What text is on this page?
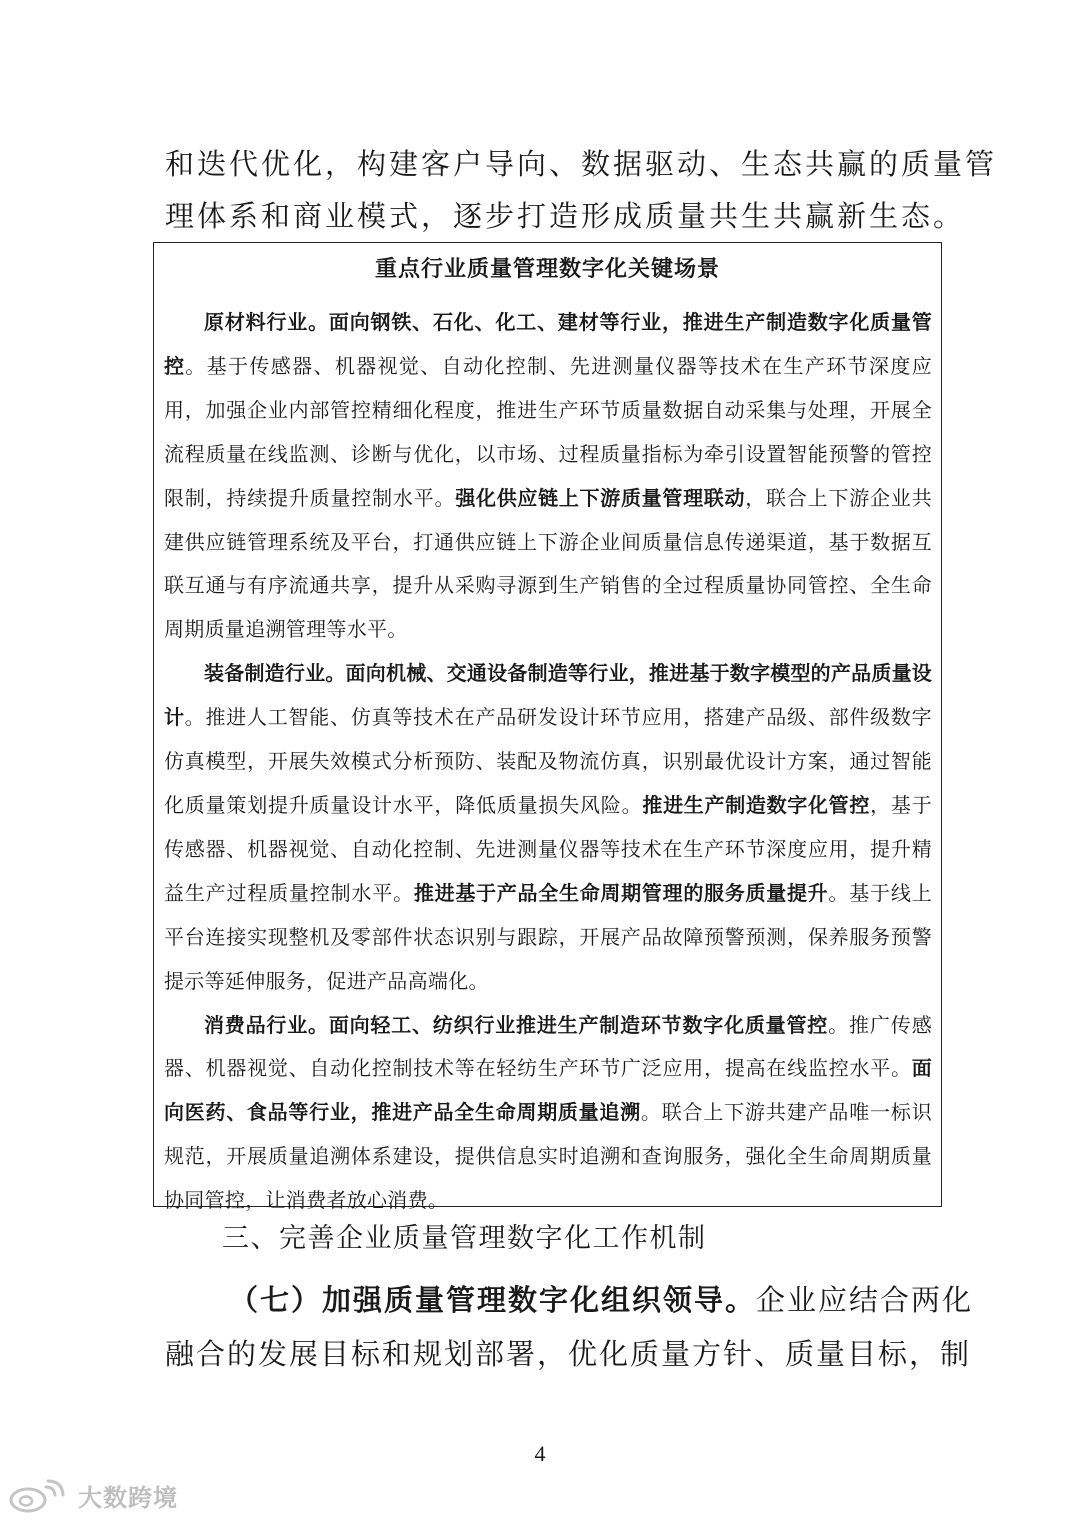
和迭代优化，构建客户导向、数据驱动、生态共赢的质量管

理体系和商业模式，逐步打造形成质量共生共赢新生态。

重点行业质量管理数字化关键场景

原材料行业。面向钢铁、石化、化工、建材等行业，推进生产制造数字化质量管控。基于传感器、机器视觉、自动化控制、先进测量仪器等技术在生产环节深度应用，加强企业内部管控精细化程度，推进生产环节质量数据自动采集与处理，开展全流程质量在线监测、诊断与优化，以市场、过程质量指标为牵引设置智能预警的管控限制，持续提升质量控制水平。强化供应链上下游质量管理联动，联合上下游企业共建供应链管理系统及平台，打通供应链上下游企业间质量信息传递渠道，基于数据互联互通与有序流通共享，提升从采购寻源到生产销售的全过程质量协同管控、全生命周期质量追溯管理等水平。

装备制造行业。面向机械、交通设备制造等行业，推进基于数字模型的产品质量设计。推进人工智能、仿真等技术在产品研发设计环节应用，搭建产品级、部件级数字仿真模型，开展失效模式分析预防、装配及物流仿真，识别最优设计方案，通过智能化质量策划提升质量设计水平，降低质量损失风险。推进生产制造数字化管控，基于传感器、机器视觉、自动化控制、先进测量仪器等技术在生产环节深度应用，提升精益生产过程质量控制水平。推进基于产品全生命周期管理的服务质量提升。基于线上平台连接实现整机及零部件状态识别与跟踪，开展产品故障预警预测，保养服务预警提示等延伸服务，促进产品高端化。

消费品行业。面向轻工、纺织行业推进生产制造环节数字化质量管控。推广传感器、机器视觉、自动化控制技术等在轻纺生产环节广泛应用，提高在线监控水平。面向医药、食品等行业，推进产品全生命周期质量追溯。联合上下游共建产品唯一标识规范，开展质量追溯体系建设，提供信息实时追溯和查询服务，强化全生命周期质量协同管控，让消费者放心消费。

三、完善企业质量管理数字化工作机制

（七）加强质量管理数字化组织领导。企业应结合两化

融合的发展目标和规划部署，优化质量方针、质量目标，制

4
大数跨境
